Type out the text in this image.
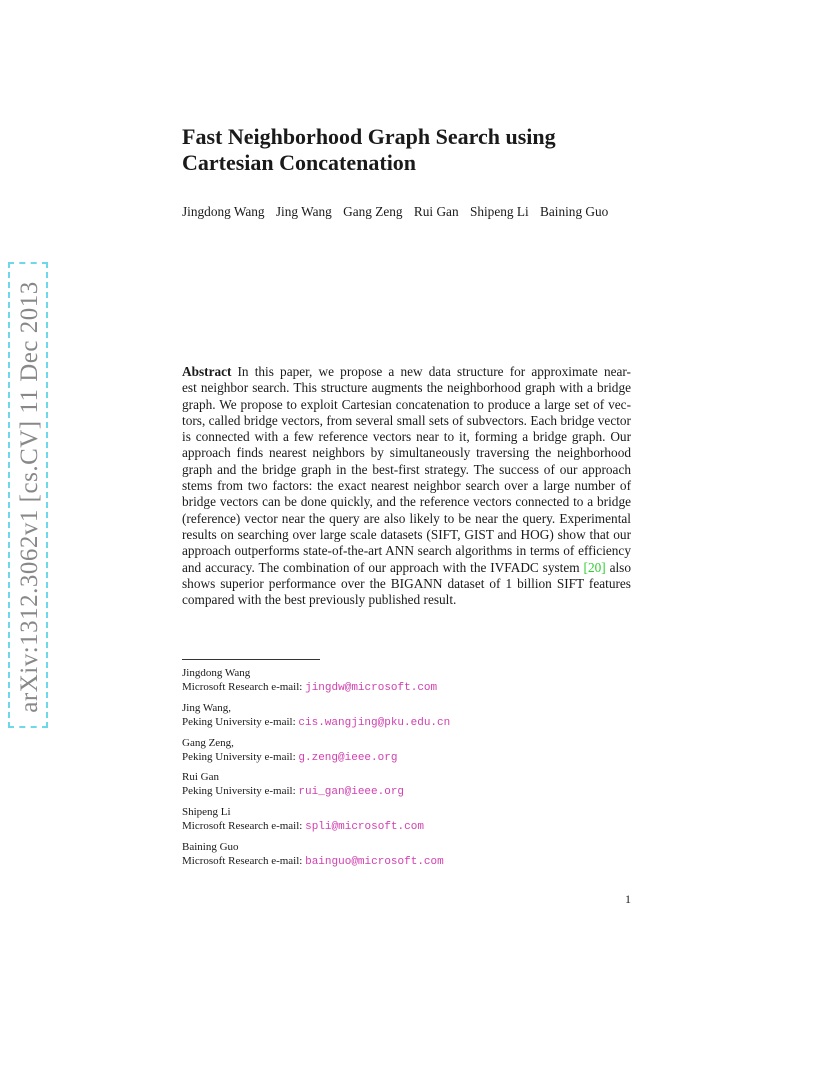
arXiv:1312.3062v1 [cs.CV] 11 Dec 2013
Fast Neighborhood Graph Search using
Cartesian Concatenation
Jingdong Wang Jing Wang Gang Zeng Rui Gan Shipeng Li Baining Guo
Abstract In this paper, we propose a new data structure for approximate near-
est neighbor search. This structure augments the neighborhood graph with a bridge
graph. We propose to exploit Cartesian concatenation to produce a large set of vec-
tors, called bridge vectors, from several small sets of subvectors. Each bridge vector
is connected with a few reference vectors near to it, forming a bridge graph. Our
approach finds nearest neighbors by simultaneously traversing the neighborhood
graph and the bridge graph in the best-first strategy. The success of our approach
stems from two factors: the exact nearest neighbor search over a large number of
bridge vectors can be done quickly, and the reference vectors connected to a bridge
(reference) vector near the query are also likely to be near the query. Experimental
results on searching over large scale datasets (SIFT, GIST and HOG) show that our
approach outperforms state-of-the-art ANN search algorithms in terms of efficiency
and accuracy. The combination of our approach with the IVFADC system [20] also
shows superior performance over the BIGANN dataset of 1 billion SIFT features
compared with the best previously published result.
Jingdong Wang
Microsoft Research e-mail: jingdw@microsoft.com
Jing Wang,
Peking University e-mail: cis.wangjing@pku.edu.cn
Gang Zeng,
Peking University e-mail: g.zeng@ieee.org
Rui Gan
Peking University e-mail: rui_gan@ieee.org
Shipeng Li
Microsoft Research e-mail: spli@microsoft.com
Baining Guo
Microsoft Research e-mail: bainguo@microsoft.com
1
